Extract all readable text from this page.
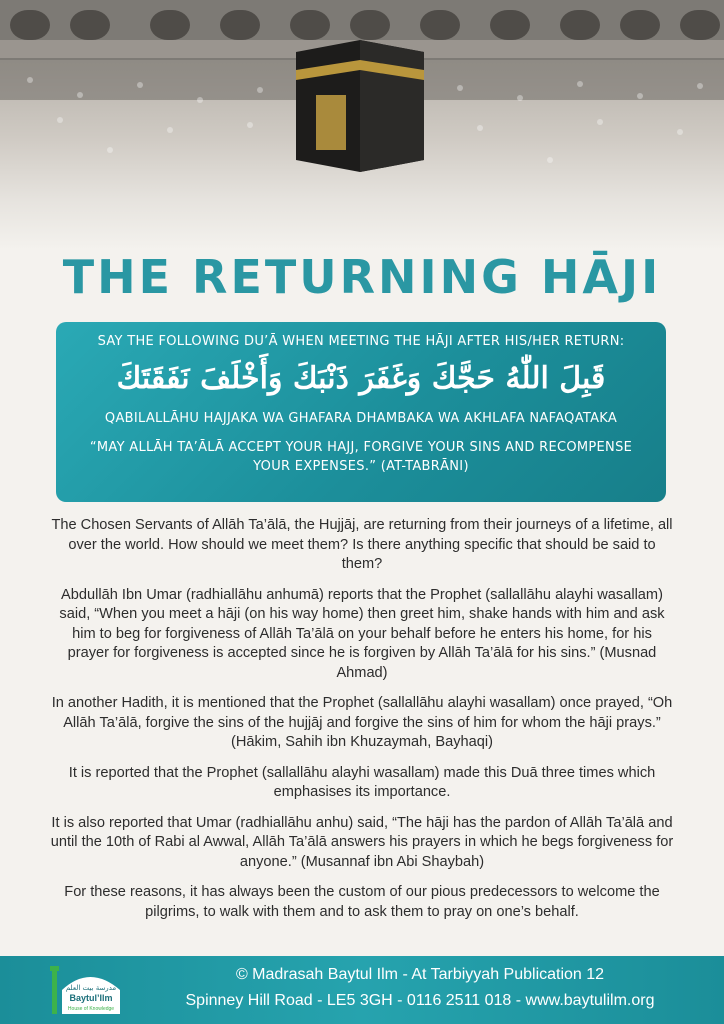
THE RETURNING HĀJI
SAY THE FOLLOWING DU’Ā WHEN MEETING THE HĀJI AFTER HIS/HER RETURN:
قَبِلَ اللّٰهُ حَجَّكَ وَغَفَرَ ذَنْبَكَ وَأَخْلَفَ نَفَقَتَكَ
QABILALLĀHU HAJJAKA WA GHAFARA DHAMBAKA WA AKHLAFA NAFAQATAKA
“MAY ALLĀH TA’ĀLĀ ACCEPT YOUR HAJJ, FORGIVE YOUR SINS AND RECOMPENSE YOUR EXPENSES.” (AT-TABRĀNI)

The Chosen Servants of Allāh Ta’ālā, the Hujjāj, are returning from their journeys of a lifetime, all over the world. How should we meet them? Is there anything specific that should be said to them?

Abdullāh Ibn Umar (radhiallāhu anhumā) reports that the Prophet (sallallāhu alayhi wasallam) said, “When you meet a hāji (on his way home) then greet him, shake hands with him and ask him to beg for forgiveness of Allāh Ta’ālā on your behalf before he enters his home, for his prayer for forgiveness is accepted since he is forgiven by Allāh Ta’ālā for his sins.” (Musnad Ahmad)

In another Hadith, it is mentioned that the Prophet (sallallāhu alayhi wasallam) once prayed, “Oh Allāh Ta’ālā, forgive the sins of the hujjāj and forgive the sins of him for whom the hāji prays.” (Hākim, Sahih ibn Khuzaymah, Bayhaqi)

It is reported that the Prophet (sallallāhu alayhi wasallam) made this Duā three times which emphasises its importance.

It is also reported that Umar (radhiallāhu anhu) said, “The hāji has the pardon of Allāh Ta’ālā and until the 10th of Rabi al Awwal, Allāh Ta’ālā answers his prayers in which he begs forgiveness for anyone.” (Musannaf ibn Abi Shaybah)

For these reasons, it has always been the custom of our pious predecessors to welcome the pilgrims, to walk with them and to ask them to pray on one’s behalf.

مدرسة بيت العلم
Baytul’Ilm
House of Knowledge
© Madrasah Baytul Ilm - At Tarbiyyah Publication 12
Spinney Hill Road - LE5 3GH - 0116 2511 018 - www.baytulilm.org
